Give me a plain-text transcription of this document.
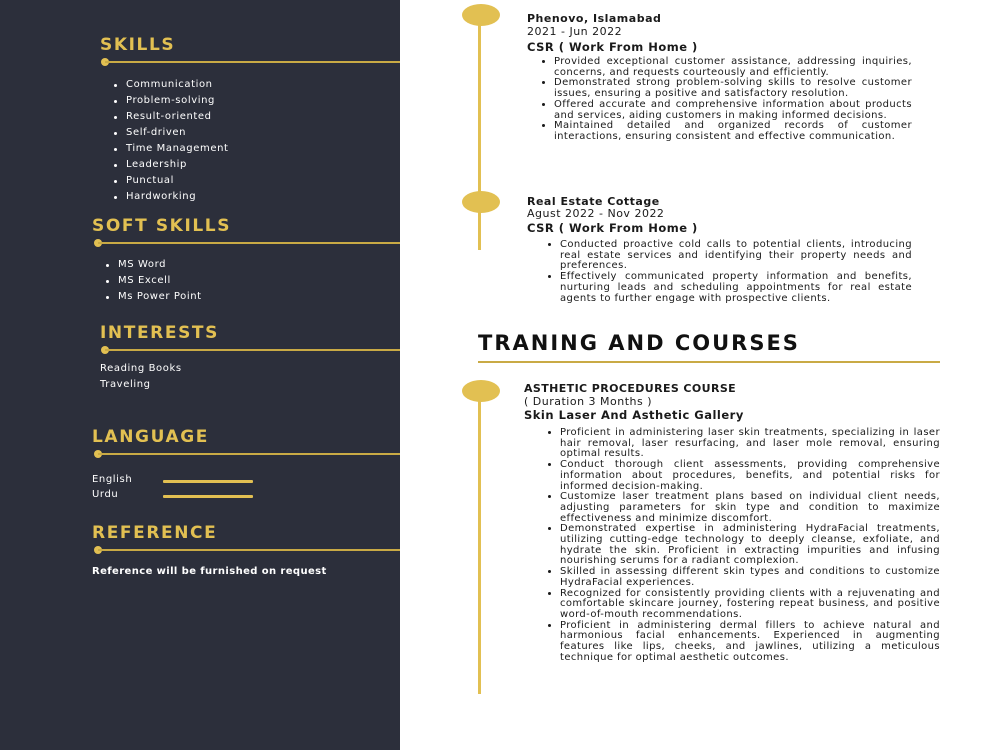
SKILLS
Communication
Problem-solving
Result-oriented
Self-driven
Time Management
Leadership
Punctual
Hardworking
SOFT SKILLS
MS Word
MS Excell
Ms Power Point
INTERESTS
Reading Books
Traveling
LANGUAGE
English
Urdu
REFERENCE
Reference will be furnished on request
Phenovo, Islamabad
2021 - Jun 2022
CSR ( Work From Home )
• Provided exceptional customer assistance, addressing inquiries, concerns, and requests courteously and efficiently.
• Demonstrated strong problem-solving skills to resolve customer issues, ensuring a positive and satisfactory resolution.
• Offered accurate and comprehensive information about products and services, aiding customers in making informed decisions.
• Maintained detailed and organized records of customer interactions, ensuring consistent and effective communication.
Real Estate Cottage
Agust 2022 - Nov 2022
CSR ( Work From Home )
• Conducted proactive cold calls to potential clients, introducing real estate services and identifying their property needs and preferences.
• Effectively communicated property information and benefits, nurturing leads and scheduling appointments for real estate agents to further engage with prospective clients.
TRANING AND COURSES
ASTHETIC PROCEDURES COURSE
( Duration 3 Months )
Skin Laser And Asthetic Gallery
• Proficient in administering laser skin treatments, specializing in laser hair removal, laser resurfacing, and laser mole removal, ensuring optimal results.
• Conduct thorough client assessments, providing comprehensive information about procedures, benefits, and potential risks for informed decision-making.
• Customize laser treatment plans based on individual client needs, adjusting parameters for skin type and condition to maximize effectiveness and minimize discomfort.
• Demonstrated expertise in administering HydraFacial treatments, utilizing cutting-edge technology to deeply cleanse, exfoliate, and hydrate the skin. Proficient in extracting impurities and infusing nourishing serums for a radiant complexion.
• Skilled in assessing different skin types and conditions to customize HydraFacial experiences.
• Recognized for consistently providing clients with a rejuvenating and comfortable skincare journey, fostering repeat business, and positive word-of-mouth recommendations.
• Proficient in administering dermal fillers to achieve natural and harmonious facial enhancements. Experienced in augmenting features like lips, cheeks, and jawlines, utilizing a meticulous technique for optimal aesthetic outcomes.
